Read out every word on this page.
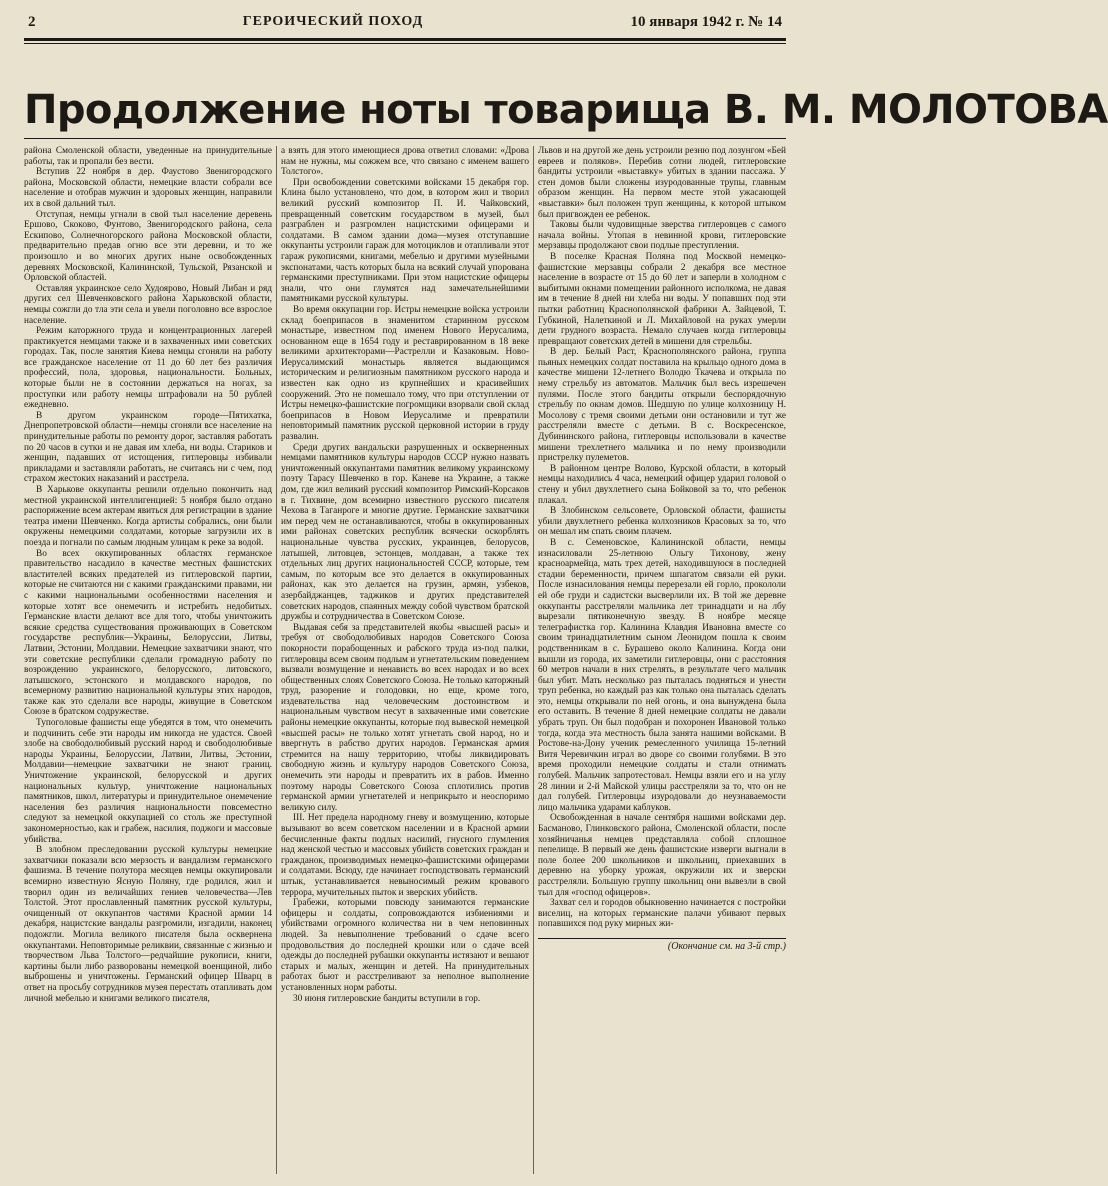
2	ГЕРОИЧЕСКИЙ ПОХОД	10 января 1942 г. № 14
Продолжение ноты товарища В. М. МОЛОТОВА

района Смоленской области, уведенные на принудительные работы, так и пропали без вести.

Вступив 22 ноября в дер. Фаустово Звенигородского района, Московской области, немецкие власти собрали все население и отобрав мужчин и здоровых женщин, направили их в свой дальний тыл.

Отступая, немцы угнали в свой тыл население деревень Ершово, Скоково, Фунтово, Звенигородского района, села Ескипово, Солнечногорского района Московской области, предварительно предав огню все эти деревни, и то же произошло и во многих других ныне освобожденных деревнях Московской, Калининской, Тульской, Рязанской и Орловской областей.

Оставляя украинское село Худоярово, Новый Либан и ряд других сел Шевченковского района Харьковской области, немцы сожгли до тла эти села и увели поголовно все взрослое население.

Режим каторжного труда и концентрационных лагерей практикуется немцами также и в захваченных ими советских городах. Так, после занятия Киева немцы сгоняли на работу все гражданское население от 11 до 60 лет без различия профессий, пола, здоровья, национальности. Больных, которые были не в состоянии держаться на ногах, за проступки или работу немцы штрафовали на 50 рублей ежедневно.

В другом украинском городе—Пятихатка, Днепропетровской области—немцы сгоняли все население на принудительные работы по ремонту дорог, заставляя работать по 20 часов в сутки и не давая им хлеба, ни воды. Стариков и женщин, падавших от истощения, гитлеровцы избивали прикладами и заставляли работать, не считаясь ни с чем, под страхом жестоких наказаний и расстрела.

В Харькове оккупанты решили отдельно покончить над местной украинской интеллигенцией: 5 ноября было отдано распоряжение всем актерам явиться для регистрации в здание театра имени Шевченко. Когда артисты собрались, они были окружены немецкими солдатами, которые загрузили их в поезда и погнали по самым людным улицам к реке за водой.

Во всех оккупированных областях германское правительство насадило в качестве местных фашистских властителей всяких предателей из гитлеровской партии, которые не считаются ни с какими гражданскими правами, ни с какими национальными особенностями населения и которые хотят все онемечить и истребить недобитых. Германские власти делают все для того, чтобы уничтожить всякие средства существования проживающих в Советском государстве республик—Украины, Белоруссии, Литвы, Латвии, Эстонии, Молдавии. Немецкие захватчики знают, что эти советские республики сделали громадную работу по возрождению украинского, белорусского, литовского, латышского, эстонского и молдавского народов, по всемерному развитию национальной культуры этих народов, также как это сделали все народы, живущие в Советском Союзе в братском содружестве.

Тупоголовые фашисты еще убедятся в том, что онемечить и подчинить себе эти народы им никогда не удастся. Своей злобе на свободолюбивый русский народ и свободолюбивые народы Украины, Белоруссии, Латвии, Литвы, Эстонии, Молдавии—немецкие захватчики не знают границ. Уничтожение украинской, белорусской и других национальных культур, уничтожение национальных памятников, школ, литературы и принудительное онемечение населения без различия национальности повсеместно следуют за немецкой оккупацией со столь же преступной закономерностью, как и грабеж, насилия, поджоги и массовые убийства.

В злобном преследовании русской культуры немецкие захватчики показали всю мерзость и вандализм германского фашизма. В течение полутора месяцев немцы оккупировали всемирно известную Ясную Поляну, где родился, жил и творил один из величайших гениев человечества—Лев Толстой. Этот прославленный памятник русской культуры, очищенный от оккупантов частями Красной армии 14 декабря, нацистские вандалы разгромили, изгадили, наконец подожгли. Могила великого писателя была осквернена оккупантами. Неповторимые реликвии, связанные с жизнью и творчеством Льва Толстого—редчайшие рукописи, книги, картины были либо разворованы немецкой военщиной, либо выброшены и уничтожены. Германский офицер Шварц в ответ на просьбу сотрудников музея перестать отапливать дом личной мебелью и книгами великого писателя,

а взять для этого имеющиеся дрова ответил словами: «Дрова нам не нужны, мы сожжем все, что связано с именем вашего Толстого».

При освобождении советскими войсками 15 декабря гор. Клина было установлено, что дом, в котором жил и творил великий русский композитор П. И. Чайковский, превращенный советским государством в музей, был разграблен и разгромлен нацистскими офицерами и солдатами. В самом здании дома—музея отступавшие оккупанты устроили гараж для мотоциклов и отапливали этот гараж рукописями, книгами, мебелью и другими музейными экспонатами, часть которых была на всякий случай упорована германскими преступниками. При этом нацистские офицеры знали, что они глумятся над замечательнейшими памятниками русской культуры.

Во время оккупации гор. Истры немецкие войска устроили склад боеприпасов в знаменитом старинном русском монастыре, известном под именем Нового Иерусалима, основанном еще в 1654 году и реставрированном в 18 веке великими архитекторами—Растрелли и Казаковым. Ново-Иерусалимский монастырь является выдающимся историческим и религиозным памятником русского народа и известен как одно из крупнейших и красивейших сооружений. Это не помешало тому, что при отступлении от Истры немецко-фашистские погромщики взорвали свой склад боеприпасов в Новом Иерусалиме и превратили неповторимый памятник русской церковной истории в груду развалин.

Среди других вандальски разрушенных и оскверненных немцами памятников культуры народов СССР нужно назвать уничтоженный оккупантами памятник великому украинскому поэту Тарасу Шевченко в гор. Каневе на Украине, а также дом, где жил великий русский композитор Римский-Корсаков в г. Тихвине, дом всемирно известного русского писателя Чехова в Таганроге и многие другие. Германские захватчики им перед чем не останавливаются, чтобы в оккупированных ими районах советских республик всячески оскорблять национальные чувства русских, украинцев, белорусов, латышей, литовцев, эстонцев, молдаван, а также тех отдельных лиц других национальностей СССР, которые, тем самым, по которым все это делается в оккупированных районах, как это делается на грузин, армян, узбеков, азербайджанцев, таджиков и других представителей советских народов, спаянных между собой чувством братской дружбы и сотрудничества в Советском Союзе.

Выдавая себя за представителей якобы «высшей расы» и требуя от свободолюбивых народов Советского Союза покорности порабощенных и рабского труда из-под палки, гитлеровцы всем своим подлым и угнетательским поведением вызвали возмущение и ненависть во всех народах и во всех общественных слоях Советского Союза. Не только каторжный труд, разорение и голодовки, но еще, кроме того, издевательства над человеческим достоинством и национальным чувством несут в захваченные ими советские районы немецкие оккупанты, которые под вывеской немецкой «высшей расы» не только хотят угнетать свой народ, но и ввергнуть в рабство других народов. Германская армия стремится на нашу территорию, чтобы ликвидировать свободную жизнь и культуру народов Советского Союза, онемечить эти народы и превратить их в рабов. Именно поэтому народы Советского Союза сплотились против германской армии угнетателей и неприкрыто и неоспоримо великую силу.

III. Нет предела народному гневу и возмущению, которые вызывают во всем советском населении и в Красной армии бесчисленные факты подлых насилий, гнусного глумления над женской честью и массовых убийств советских граждан и гражданок, производимых немецко-фашистскими офицерами и солдатами. Всюду, где начинает господствовать германский штык, устанавливается невыносимый режим кровавого террора, мучительных пыток и зверских убийств.

Грабежи, которыми повсюду занимаются германские офицеры и солдаты, сопровождаются избиениями и убийствами огромного количества ни в чем неповинных людей. За невыполнение требований о сдаче всего продовольствия до последней крошки или о сдаче всей одежды до последней рубашки оккупанты истязают и вешают старых и малых, женщин и детей. На принудительных работах бьют и расстреливают за неполное выполнение установленных норм работы.

30 июня гитлеровские бандиты вступили в гор.

Львов и на другой же день устроили резню под лозунгом «Бей евреев и поляков». Перебив сотни людей, гитлеровские бандиты устроили «выставку» убитых в здании пассажа. У стен домов были сложены изуродованные трупы, главным образом женщин. На первом месте этой ужасающей «выставки» был положен труп женщины, к которой штыком был пригвожден ее ребенок.

Таковы были чудовищные зверства гитлеровцев с самого начала войны. Утопая в невинной крови, гитлеровские мерзавцы продолжают свои подлые преступления.

В поселке Красная Поляна под Москвой немецко-фашистские мерзавцы собрали 2 декабря все местное население в возрасте от 15 до 60 лет и заперли в холодном с выбитыми окнами помещении районного исполкома, не давая им в течение 8 дней ни хлеба ни воды. У попавших под эти пытки работниц Краснополянской фабрики А. Зайцевой, Т. Губкиной, Налеткиной и Л. Михайловой на руках умерли дети грудного возраста. Немало случаев когда гитлеровцы превращают советских детей в мишени для стрельбы.

В дер. Белый Раст, Краснополянского района, группа пьяных немецких солдат поставила на крыльцо одного дома в качестве мишени 12-летнего Володю Ткачева и открыла по нему стрельбу из автоматов. Мальчик был весь изрешечен пулями. После этого бандиты открыли беспорядочную стрельбу по окнам домов. Шедшую по улице колхозницу Н. Мосолову с тремя своими детьми они остановили и тут же расстреляли вместе с детьми. В с. Воскресенское, Дубининского района, гитлеровцы использовали в качестве мишени трехлетнего мальчика и по нему производили пристрелку пулеметов.

В районном центре Волово, Курской области, в который немцы находились 4 часа, немецкий офицер ударил головой о стену и убил двухлетнего сына Бойковой за то, что ребенок плакал.

В Злобинском сельсовете, Орловской области, фашисты убили двухлетнего ребенка колхозников Красовых за то, что он мешал им спать своим плачем.

В с. Семеновское, Калининской области, немцы изнасиловали 25-летнюю Ольгу Тихонову, жену красноармейца, мать трех детей, находившуюся в последней стадии беременности, причем шпагатом связали ей руки. После изнасилования немцы перерезали ей горло, прокололи ей обе груди и садистски высверлили их. В той же деревне оккупанты расстреляли мальчика лет тринадцати и на лбу вырезали пятиконечную звезду. В ноябре месяце телеграфистка гор. Калинина Клавдия Ивановна вместе со своим тринадцатилетним сыном Леонидом пошла к своим родственникам в с. Бурашево около Калинина. Когда они вышли из города, их заметили гитлеровцы, они с расстояния 60 метров начали в них стрелять, в результате чего мальчик был убит. Мать несколько раз пыталась подняться и унести труп ребенка, но каждый раз как только она пыталась сделать это, немцы открывали по ней огонь, и она вынуждена была его оставить. В течение 8 дней немецкие солдаты не давали убрать труп. Он был подобран и похоронен Ивановой только тогда, когда эта местность была занята нашими войсками. В Ростове-на-Дону ученик ремесленного училища 15-летний Витя Черевичкин играл во дворе со своими голубями. В это время проходили немецкие солдаты и стали отнимать голубей. Мальчик запротестовал. Немцы взяли его и на углу 28 линии и 2-й Майской улицы расстреляли за то, что он не дал голубей. Гитлеровцы изуродовали до неузнаваемости лицо мальчика ударами каблуков.

Освобожденная в начале сентября нашими войсками дер. Басманово, Глинковского района, Смоленской области, после хозяйничанья немцев представляла собой сплошное пепелище. В первый же день фашистские изверги выгнали в поле более 200 школьников и школьниц, приехавших в деревню на уборку урожая, окружили их и зверски расстреляли. Большую группу школьниц они вывезли в свой тыл для «господ офицеров».

Захват сел и городов обыкновенно начинается с постройки виселиц, на которых германские палачи убивают первых попавшихся под руку мирных жи-

(Окончание см. на 3-й стр.)
